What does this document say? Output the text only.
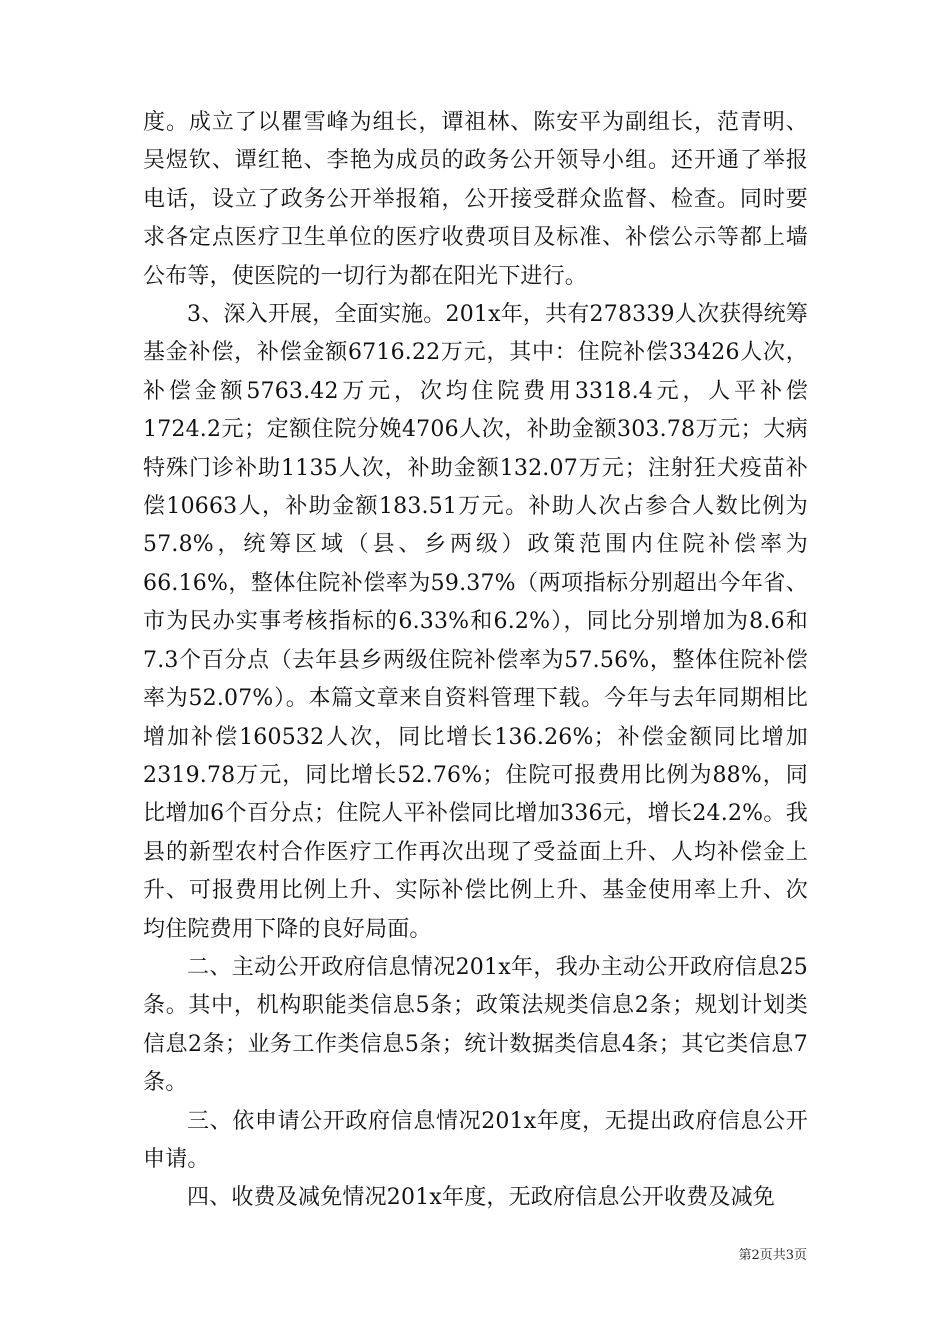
度。成立了以瞿雪峰为组长，谭祖林、陈安平为副组长，范青明、吴煜钦、谭红艳、李艳为成员的政务公开领导小组。还开通了举报电话，设立了政务公开举报箱，公开接受群众监督、检查。同时要求各定点医疗卫生单位的医疗收费项目及标准、补偿公示等都上墙公布等，使医院的一切行为都在阳光下进行。

3、深入开展，全面实施。201x年，共有278339人次获得统筹基金补偿，补偿金额6716.22万元，其中：住院补偿33426人次，补偿金额5763.42万元，次均住院费用3318.4元，人平补偿1724.2元；定额住院分娩4706人次，补助金额303.78万元；大病特殊门诊补助1135人次，补助金额132.07万元；注射狂犬疫苗补偿10663人，补助金额183.51万元。补助人次占参合人数比例为57.8%，统筹区域（县、乡两级）政策范围内住院补偿率为66.16%，整体住院补偿率为59.37%（两项指标分别超出今年省、市为民办实事考核指标的6.33%和6.2%），同比分别增加为8.6和7.3个百分点（去年县乡两级住院补偿率为57.56%，整体住院补偿率为52.07%）。本篇文章来自资料管理下载。今年与去年同期相比增加补偿160532人次，同比增长136.26%；补偿金额同比增加2319.78万元，同比增长52.76%；住院可报费用比例为88%，同比增加6个百分点；住院人平补偿同比增加336元，增长24.2%。我县的新型农村合作医疗工作再次出现了受益面上升、人均补偿金上升、可报费用比例上升、实际补偿比例上升、基金使用率上升、次均住院费用下降的良好局面。

二、主动公开政府信息情况201x年，我办主动公开政府信息25条。其中，机构职能类信息5条；政策法规类信息2条；规划计划类信息2条；业务工作类信息5条；统计数据类信息4条；其它类信息7条。

三、依申请公开政府信息情况201x年度，无提出政府信息公开申请。

四、收费及减免情况201x年度，无政府信息公开收费及减免

第2页共3页
